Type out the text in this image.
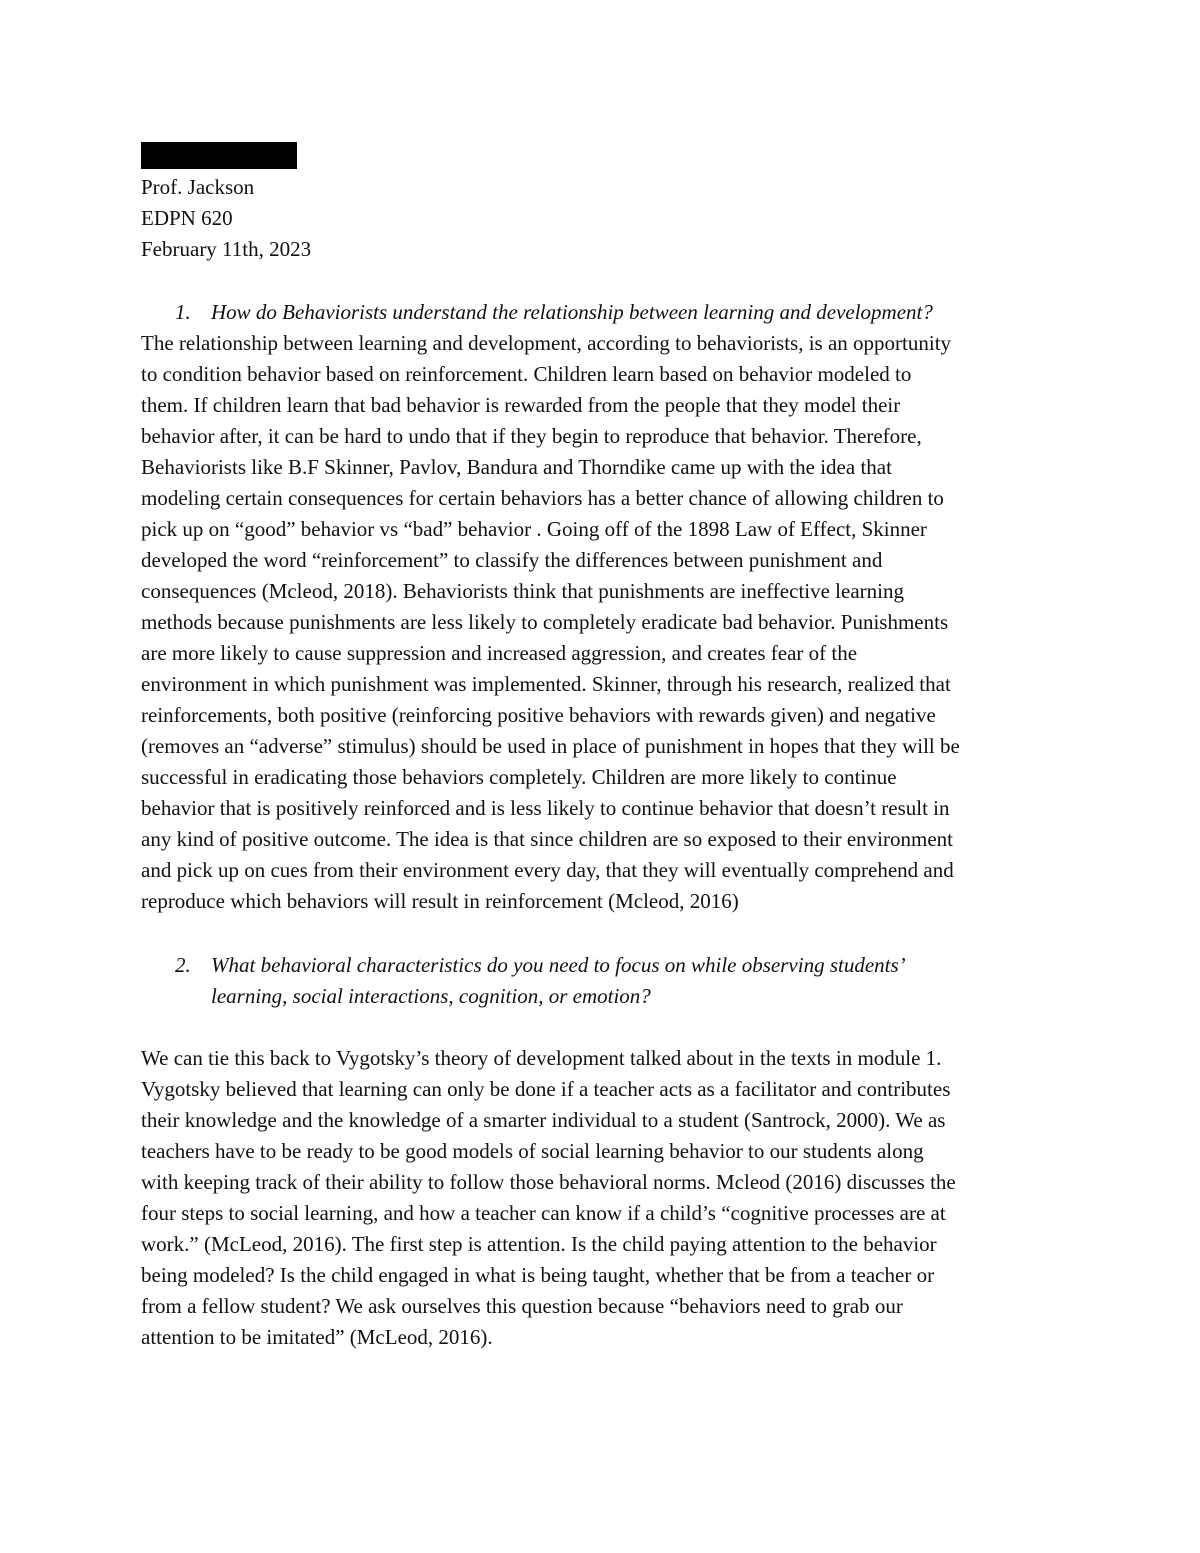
Prof. Jackson
EDPN 620
February 11th, 2023
1. How do Behaviorists understand the relationship between learning and development?
The relationship between learning and development, according to behaviorists, is an opportunity
to condition behavior based on reinforcement. Children learn based on behavior modeled to
them. If children learn that bad behavior is rewarded from the people that they model their
behavior after, it can be hard to undo that if they begin to reproduce that behavior. Therefore,
Behaviorists like B.F Skinner, Pavlov, Bandura and Thorndike came up with the idea that
modeling certain consequences for certain behaviors has a better chance of allowing children to
pick up on “good” behavior vs “bad” behavior . Going off of the 1898 Law of Effect, Skinner
developed the word “reinforcement” to classify the differences between punishment and
consequences (Mcleod, 2018). Behaviorists think that punishments are ineffective learning
methods because punishments are less likely to completely eradicate bad behavior. Punishments
are more likely to cause suppression and increased aggression, and creates fear of the
environment in which punishment was implemented. Skinner, through his research, realized that
reinforcements, both positive (reinforcing positive behaviors with rewards given) and negative
(removes an “adverse” stimulus) should be used in place of punishment in hopes that they will be
successful in eradicating those behaviors completely. Children are more likely to continue
behavior that is positively reinforced and is less likely to continue behavior that doesn’t result in
any kind of positive outcome. The idea is that since children are so exposed to their environment
and pick up on cues from their environment every day, that they will eventually comprehend and
reproduce which behaviors will result in reinforcement (Mcleod, 2016)
2. What behavioral characteristics do you need to focus on while observing students’
learning, social interactions, cognition, or emotion?
We can tie this back to Vygotsky’s theory of development talked about in the texts in module 1.
Vygotsky believed that learning can only be done if a teacher acts as a facilitator and contributes
their knowledge and the knowledge of a smarter individual to a student (Santrock, 2000). We as
teachers have to be ready to be good models of social learning behavior to our students along
with keeping track of their ability to follow those behavioral norms. Mcleod (2016) discusses the
four steps to social learning, and how a teacher can know if a child’s “cognitive processes are at
work.” (McLeod, 2016). The first step is attention. Is the child paying attention to the behavior
being modeled? Is the child engaged in what is being taught, whether that be from a teacher or
from a fellow student? We ask ourselves this question because “behaviors need to grab our
attention to be imitated” (McLeod, 2016).
